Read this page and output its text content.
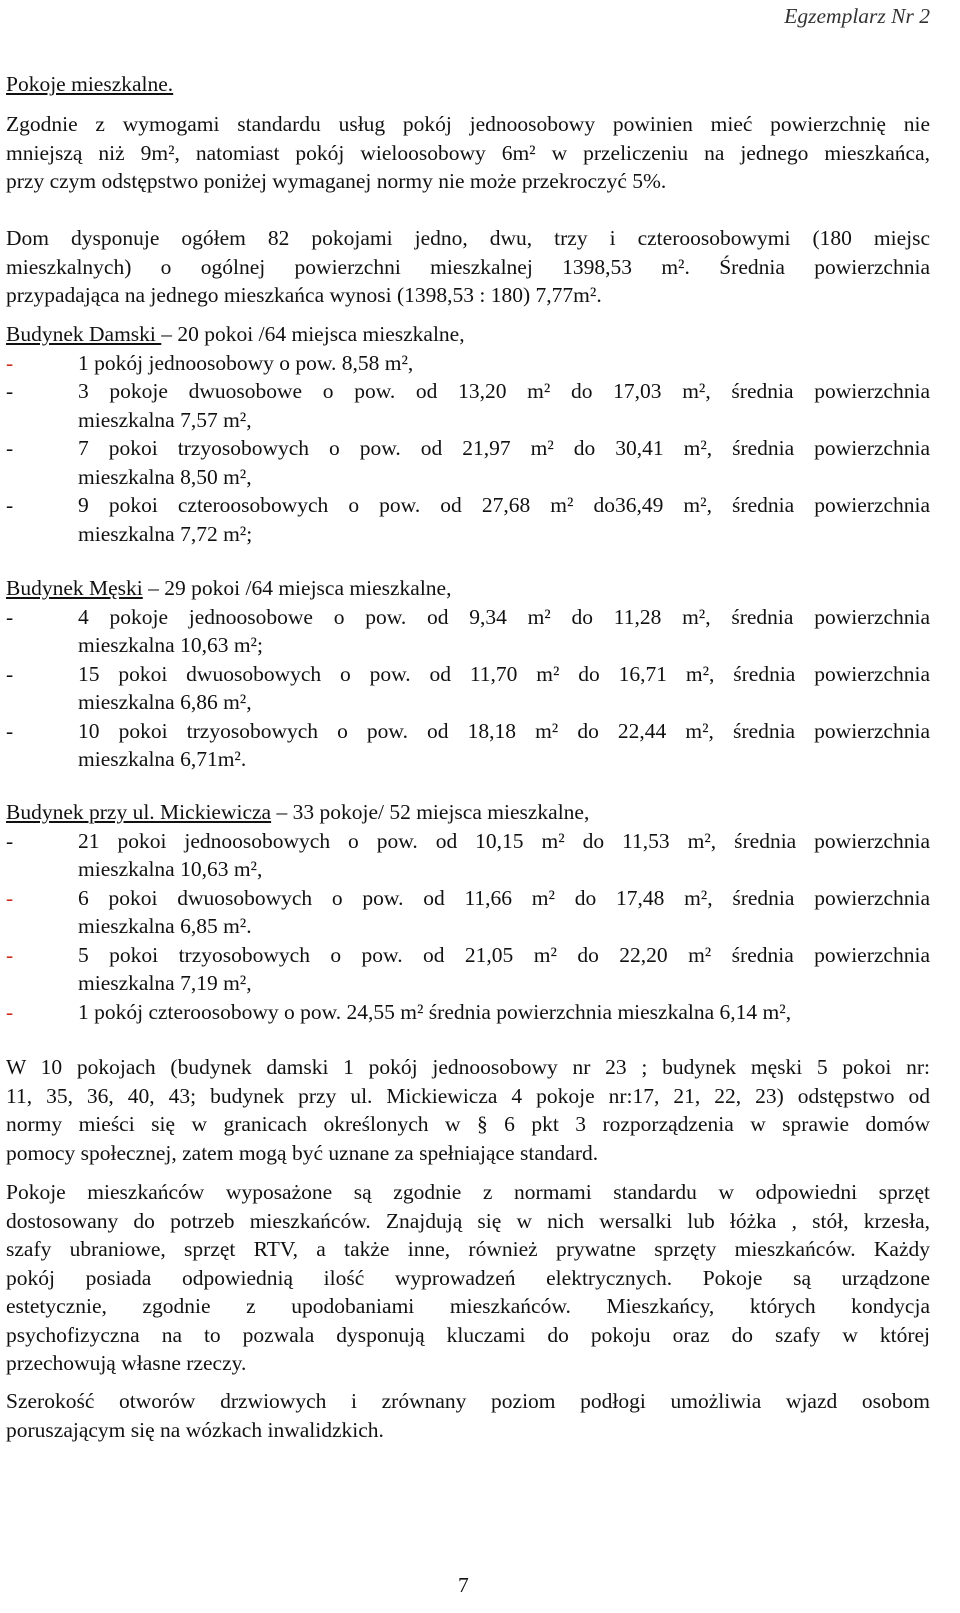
Egzemplarz Nr 2
Pokoje mieszkalne.
Zgodnie z wymogami standardu usług pokój jednoosobowy powinien mieć powierzchnię nie
mniejszą niż 9m², natomiast pokój wieloosobowy 6m² w przeliczeniu na jednego mieszkańca,
przy czym odstępstwo poniżej wymaganej normy nie może przekroczyć 5%.
Dom dysponuje ogółem 82 pokojami jedno, dwu, trzy i czteroosobowymi (180 miejsc
mieszkalnych) o ogólnej powierzchni mieszkalnej 1398,53 m². Średnia powierzchnia
przypadająca na jednego mieszkańca wynosi (1398,53 : 180) 7,77m².
Budynek Damski – 20 pokoi /64 miejsca mieszkalne,
-	1 pokój jednoosobowy o pow. 8,58 m²,
-	3 pokoje dwuosobowe o pow. od 13,20 m² do 17,03 m², średnia powierzchnia
mieszkalna 7,57 m²,
-	7 pokoi trzyosobowych o pow. od 21,97 m² do 30,41 m², średnia powierzchnia
mieszkalna 8,50 m²,
-	9 pokoi czteroosobowych o pow. od 27,68 m² do36,49 m², średnia powierzchnia
mieszkalna 7,72 m²;
Budynek Męski – 29 pokoi /64 miejsca mieszkalne,
-	4 pokoje jednoosobowe o pow. od 9,34 m² do 11,28 m², średnia powierzchnia
mieszkalna 10,63 m²;
-	15 pokoi dwuosobowych o pow. od 11,70 m² do 16,71 m², średnia powierzchnia
mieszkalna 6,86 m²,
-	10 pokoi trzyosobowych o pow. od 18,18 m² do 22,44 m², średnia powierzchnia
mieszkalna 6,71m².
Budynek przy ul. Mickiewicza – 33 pokoje/ 52 miejsca mieszkalne,
-	21 pokoi jednoosobowych o pow. od 10,15 m² do 11,53 m², średnia powierzchnia
mieszkalna 10,63 m²,
-	6 pokoi dwuosobowych o pow. od 11,66 m² do 17,48 m², średnia powierzchnia
mieszkalna 6,85 m².
-	5 pokoi trzyosobowych o pow. od 21,05 m² do 22,20 m² średnia powierzchnia
mieszkalna 7,19 m²,
-	1 pokój czteroosobowy o pow. 24,55 m² średnia powierzchnia mieszkalna 6,14 m²,
W 10 pokojach (budynek damski 1 pokój jednoosobowy nr 23 ; budynek męski 5 pokoi nr:
11, 35, 36, 40, 43; budynek przy ul. Mickiewicza 4 pokoje nr:17, 21, 22, 23) odstępstwo od
normy mieści się w granicach określonych w § 6 pkt 3 rozporządzenia w sprawie domów
pomocy społecznej, zatem mogą być uznane za spełniające standard.
Pokoje mieszkańców wyposażone są zgodnie z normami standardu w odpowiedni sprzęt
dostosowany do potrzeb mieszkańców. Znajdują się w nich wersalki lub łóżka , stół, krzesła,
szafy ubraniowe, sprzęt RTV, a także inne, również prywatne sprzęty mieszkańców. Każdy
pokój posiada odpowiednią ilość wyprowadzeń elektrycznych. Pokoje są urządzone
estetycznie, zgodnie z upodobaniami mieszkańców. Mieszkańcy, których kondycja
psychofizyczna na to pozwala dysponują kluczami do pokoju oraz do szafy w której
przechowują własne rzeczy.
Szerokość otworów drzwiowych i zrównany poziom podłogi umożliwia wjazd osobom
poruszającym się na wózkach inwalidzkich.
7
